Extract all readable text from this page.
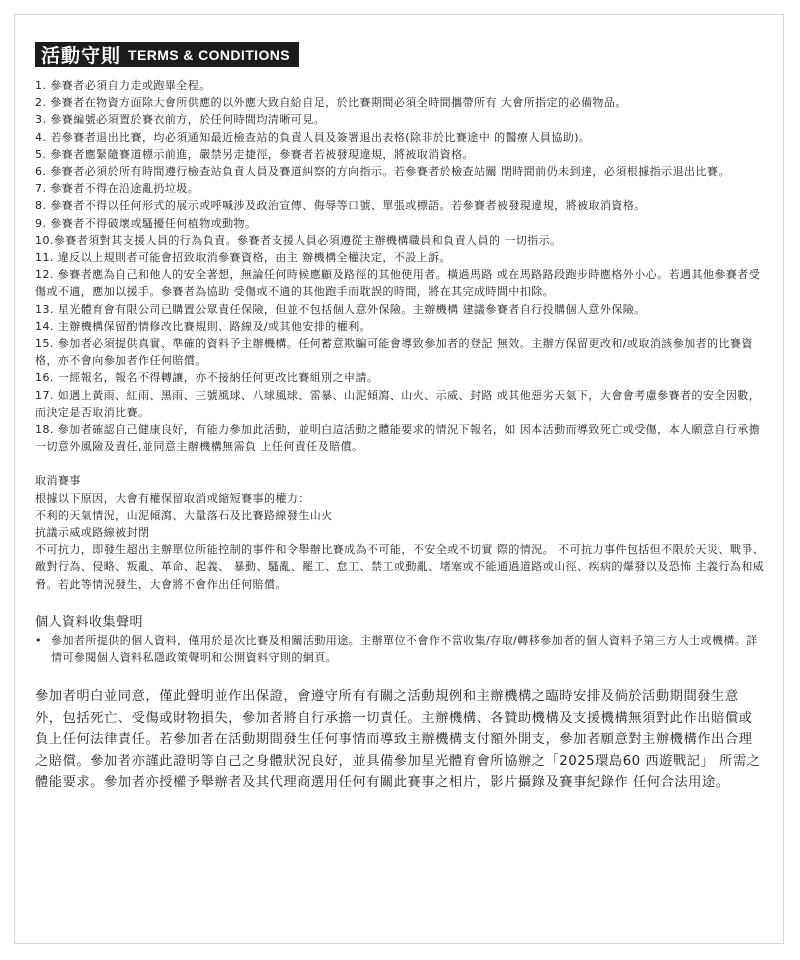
活動守則 TERMS & CONDITIONS
1. 參賽者必須自力走或跑畢全程。
2. 參賽者在物資方面除大會所供應的以外應大致自給自足，於比賽期間必須全時間攜帶所有 大會所指定的必備物品。
3. 參賽編號必須置於賽衣前方，於任何時間均清晰可見。
4. 若參賽者退出比賽，均必須通知最近檢查站的負責人員及簽署退出表格(除非於比賽途中 的醫療人員協助)。
5. 參賽者應緊隨賽道標示前進，嚴禁另走捷徑，參賽者若被發現違規，將被取消資格。
6. 參賽者必須於所有時間遵行檢查站負責人員及賽道糾察的方向指示。若參賽者於檢查站關 閉時間前仍未到達，必須根據指示退出比賽。
7. 參賽者不得在沿途亂扔垃圾。
8. 參賽者不得以任何形式的展示或呼喊涉及政治宣傳、侮辱等口號、單張或標語。若參賽者被發現違規，將被取消資格。
9. 參賽者不得破壞或騷擾任何植物或動物。
10.參賽者須對其支援人員的行為負責。參賽者支援人員必須遵從主辦機構職員和負責人員的 一切指示。
11. 違反以上規則者可能會招致取消參賽資格，由主 辦機構全權決定，不設上訴。
12. 參賽者應為自己和他人的安全著想，無論任何時候應顧及路徑的其他使用者。橫過馬路 或在馬路路段跑步時應格外小心。若遇其他參賽者受傷或不適，應加以援手。參賽者為協助 受傷或不適的其他跑手而耽誤的時間，將在其完成時間中扣除。
13. 星光體育會有限公司已購置公眾責任保險，但並不包括個人意外保險。主辦機構 建議參賽者自行投購個人意外保險。
14. 主辦機構保留酌情修改比賽規則、路線及/或其他安排的權利。
15. 參加者必須提供真實、準確的資料予主辦機構。任何蓄意欺騙可能會導致參加者的登記 無效。主辦方保留更改和/或取消該參加者的比賽資格，亦不會向參加者作任何賠償。
16. 一經報名，報名不得轉讓，亦不接納任何更改比賽組別之申請。
17. 如遇上黃雨、紅雨、黑雨、三號風球、八球風球、雷暴、山泥傾瀉、山火、示威、封路 或其他惡劣天氣下，大會會考慮參賽者的安全因數，而決定是否取消比賽。
18. 參加者確認自己健康良好，有能力參加此活動，並明白這活動之體能要求的情況下報名，如 因本活動而導致死亡或受傷，本人願意自行承擔一切意外風險及責任,並同意主辦機構無需負 上任何責任及賠償。

取消賽事

根據以下原因，大會有權保留取消或縮短賽事的權力：

不利的天氣情況，山泥傾瀉、大量落石及比賽路線發生山火

抗議示威或路線被封閉

不可抗力，即發生超出主辦單位所能控制的事件和令舉辦比賽成為不可能，不安全或不切實 際的情況。 不可抗力事件包括但不限於天災、戰爭、敵對行為、侵略、叛亂、革命、起義、 暴動、騷亂、罷工、怠工、禁工或動亂、堵塞或不能通過道路或山徑、疾病的爆發以及恐怖 主義行為和威脅。若此等情況發生，大會將不會作出任何賠償。

個人資料收集聲明
• 參加者所提供的個人資料，僅用於是次比賽及相關活動用途。主辦單位不會作不當收集/存取/轉移參加者的個人資料予第三方人士或機構。詳情可參閱個人資料私隱政策聲明和公開資料守則的網頁。
參加者明白並同意，僅此聲明並作出保證，會遵守所有有關之活動規例和主辦機構之臨時安排及倘於活動期間發生意外，包括死亡、受傷或財物損失，參加者將自行承擔一切責任。主辦機構、各贊助機構及支援機構無須對此作出賠償或負上任何法律責任。若參加者在活動期間發生任何事情而導致主辦機構支付額外開支，參加者願意對主辦機構作出合理之賠償。參加者亦謹此證明等自己之身體狀況良好，並具備參加星光體育會所協辦之「2025環島60 西遊戰記」 所需之體能要求。參加者亦授權予舉辦者及其代理商選用任何有關此賽事之相片，影片攝錄及賽事紀錄作 任何合法用途。
